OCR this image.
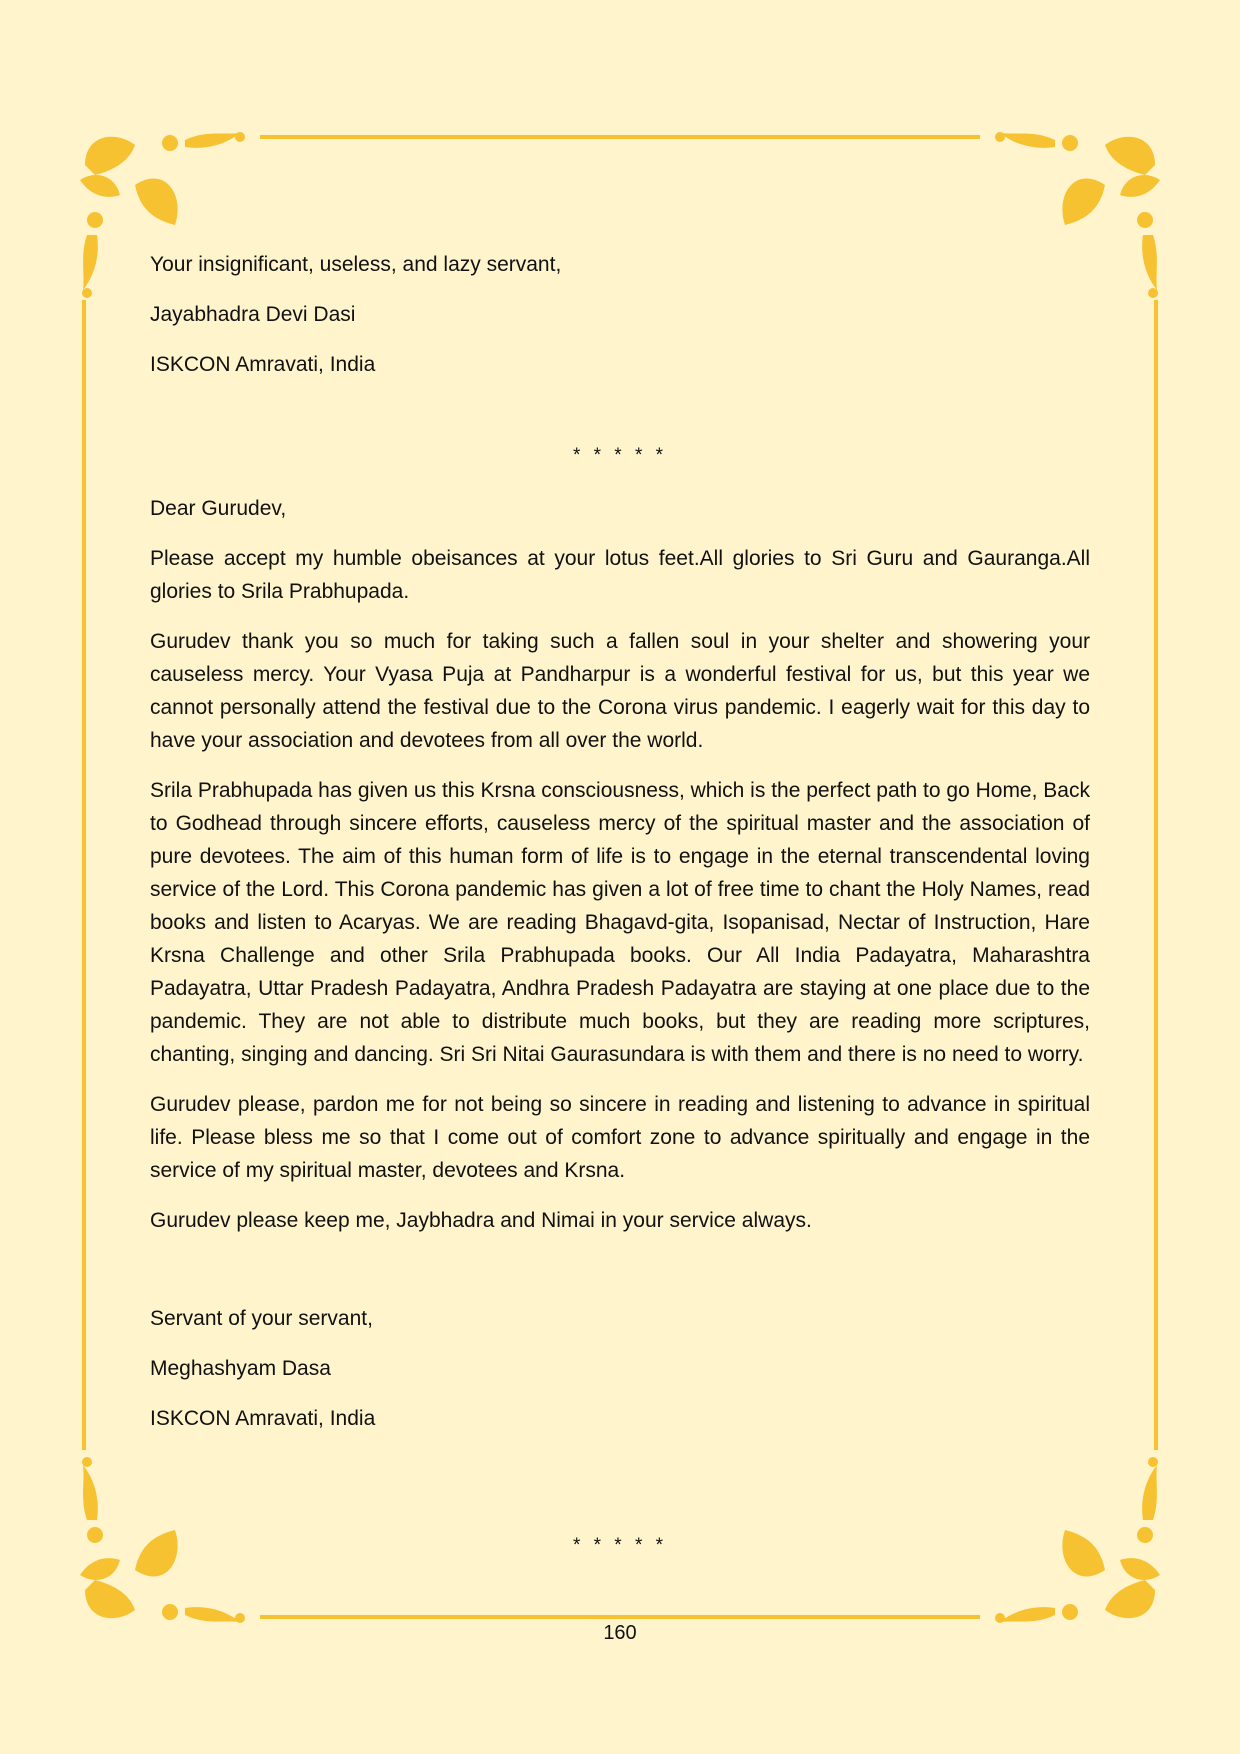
Your insignificant, useless, and lazy servant,

Jayabhadra Devi Dasi

ISKCON Amravati, India

* * * * *

Dear Gurudev,

Please accept my humble obeisances at your lotus feet.All glories to Sri Guru and Gauranga.All glories to Srila Prabhupada.

Gurudev thank you so much for taking such a fallen soul in your shelter and showering your causeless mercy. Your Vyasa Puja at Pandharpur is a wonderful festival for us, but this year we cannot personally attend the festival due to the Corona virus pandemic. I eagerly wait for this day to have your association and devotees from all over the world.

Srila Prabhupada has given us this Krsna consciousness, which is the perfect path to go Home, Back to Godhead through sincere efforts, causeless mercy of the spiritual master and the association of pure devotees. The aim of this human form of life is to engage in the eternal transcendental loving service of the Lord. This Corona pandemic has given a lot of free time to chant the Holy Names, read books and listen to Acaryas. We are reading Bhagavd-gita, Isopanisad, Nectar of Instruction, Hare Krsna Challenge and other Srila Prabhupada books. Our All India Padayatra, Maharashtra Padayatra, Uttar Pradesh Padayatra, Andhra Pradesh Padayatra are staying at one place due to the pandemic. They are not able to distribute much books, but they are reading more scriptures, chanting, singing and dancing. Sri Sri Nitai Gaurasundara is with them and there is no need to worry.

Gurudev please, pardon me for not being so sincere in reading and listening to advance in spiritual life. Please bless me so that I come out of comfort zone to advance spiritually and engage in the service of my spiritual master, devotees and Krsna.

Gurudev please keep me, Jaybhadra and Nimai in your service always.

Servant of your servant,

Meghashyam Dasa

ISKCON Amravati, India

* * * * *
160
